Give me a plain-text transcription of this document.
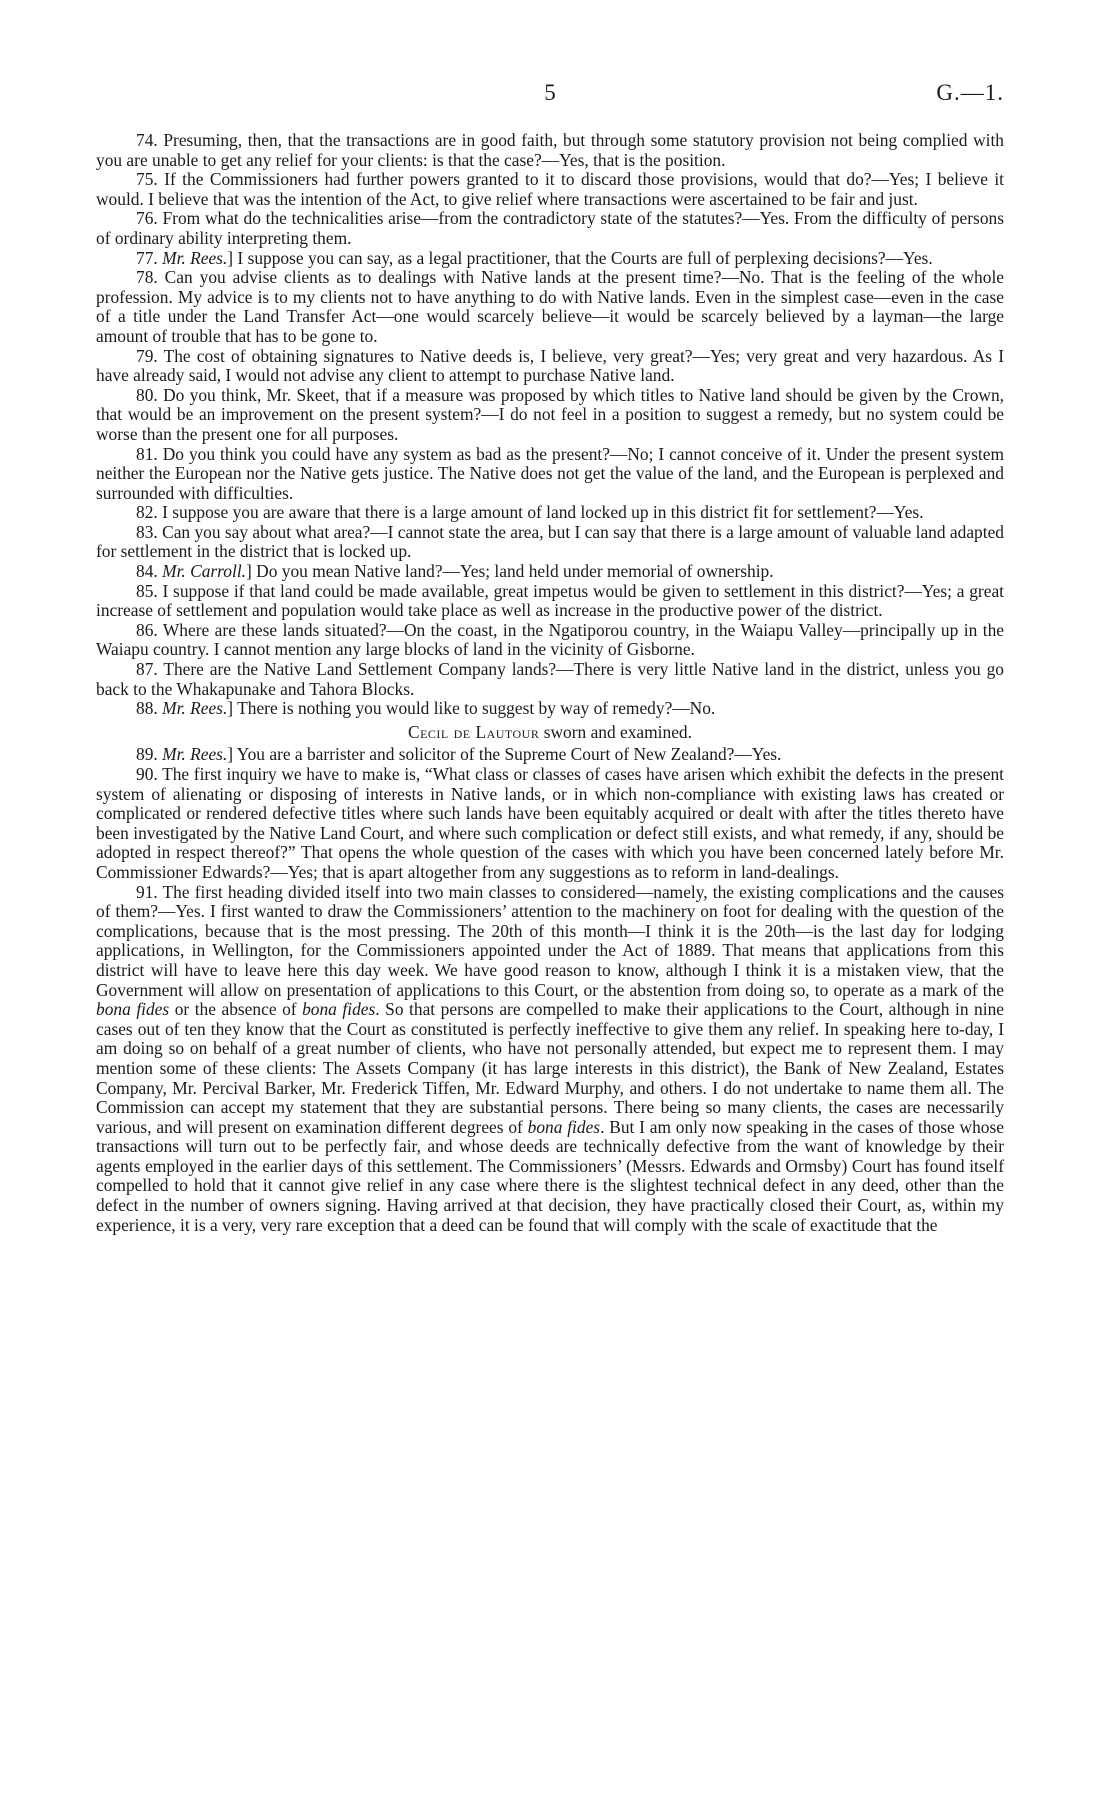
5	G.—1.

74. Presuming, then, that the transactions are in good faith, but through some statutory provision not being complied with you are unable to get any relief for your clients: is that the case?—Yes, that is the position.

75. If the Commissioners had further powers granted to it to discard those provisions, would that do?—Yes; I believe it would. I believe that was the intention of the Act, to give relief where transactions were ascertained to be fair and just.

76. From what do the technicalities arise—from the contradictory state of the statutes?—Yes. From the difficulty of persons of ordinary ability interpreting them.

77. Mr. Rees.] I suppose you can say, as a legal practitioner, that the Courts are full of perplexing decisions?—Yes.

78. Can you advise clients as to dealings with Native lands at the present time?—No. That is the feeling of the whole profession. My advice is to my clients not to have anything to do with Native lands. Even in the simplest case—even in the case of a title under the Land Transfer Act—one would scarcely believe—it would be scarcely believed by a layman—the large amount of trouble that has to be gone to.

79. The cost of obtaining signatures to Native deeds is, I believe, very great?—Yes; very great and very hazardous. As I have already said, I would not advise any client to attempt to purchase Native land.

80. Do you think, Mr. Skeet, that if a measure was proposed by which titles to Native land should be given by the Crown, that would be an improvement on the present system?—I do not feel in a position to suggest a remedy, but no system could be worse than the present one for all purposes.

81. Do you think you could have any system as bad as the present?—No; I cannot conceive of it. Under the present system neither the European nor the Native gets justice. The Native does not get the value of the land, and the European is perplexed and surrounded with difficulties.

82. I suppose you are aware that there is a large amount of land locked up in this district fit for settlement?—Yes.

83. Can you say about what area?—I cannot state the area, but I can say that there is a large amount of valuable land adapted for settlement in the district that is locked up.

84. Mr. Carroll.] Do you mean Native land?—Yes; land held under memorial of ownership.

85. I suppose if that land could be made available, great impetus would be given to settlement in this district?—Yes; a great increase of settlement and population would take place as well as increase in the productive power of the district.

86. Where are these lands situated?—On the coast, in the Ngatiporou country, in the Waiapu Valley—principally up in the Waiapu country. I cannot mention any large blocks of land in the vicinity of Gisborne.

87. There are the Native Land Settlement Company lands?—There is very little Native land in the district, unless you go back to the Whakapunake and Tahora Blocks.

88. Mr. Rees.] There is nothing you would like to suggest by way of remedy?—No.

Cecil de Lautour sworn and examined.

89. Mr. Rees.] You are a barrister and solicitor of the Supreme Court of New Zealand?—Yes.

90. The first inquiry we have to make is, “What class or classes of cases have arisen which exhibit the defects in the present system of alienating or disposing of interests in Native lands, or in which non-compliance with existing laws has created or complicated or rendered defective titles where such lands have been equitably acquired or dealt with after the titles thereto have been investigated by the Native Land Court, and where such complication or defect still exists, and what remedy, if any, should be adopted in respect thereof?” That opens the whole question of the cases with which you have been concerned lately before Mr. Commissioner Edwards?—Yes; that is apart altogether from any suggestions as to reform in land-dealings.

91. The first heading divided itself into two main classes to considered—namely, the existing complications and the causes of them?—Yes. I first wanted to draw the Commissioners’ attention to the machinery on foot for dealing with the question of the complications, because that is the most pressing. The 20th of this month—I think it is the 20th—is the last day for lodging applications, in Wellington, for the Commissioners appointed under the Act of 1889. That means that applications from this district will have to leave here this day week. We have good reason to know, although I think it is a mistaken view, that the Government will allow on presentation of applications to this Court, or the abstention from doing so, to operate as a mark of the bona fides or the absence of bona fides. So that persons are compelled to make their applications to the Court, although in nine cases out of ten they know that the Court as constituted is perfectly ineffective to give them any relief. In speaking here to-day, I am doing so on behalf of a great number of clients, who have not personally attended, but expect me to represent them. I may mention some of these clients: The Assets Company (it has large interests in this district), the Bank of New Zealand, Estates Company, Mr. Percival Barker, Mr. Frederick Tiffen, Mr. Edward Murphy, and others. I do not undertake to name them all. The Commission can accept my statement that they are substantial persons. There being so many clients, the cases are necessarily various, and will present on examination different degrees of bona fides. But I am only now speaking in the cases of those whose transactions will turn out to be perfectly fair, and whose deeds are technically defective from the want of knowledge by their agents employed in the earlier days of this settlement. The Commissioners’ (Messrs. Edwards and Ormsby) Court has found itself compelled to hold that it cannot give relief in any case where there is the slightest technical defect in any deed, other than the defect in the number of owners signing. Having arrived at that decision, they have practically closed their Court, as, within my experience, it is a very, very rare exception that a deed can be found that will comply with the scale of exactitude that the
